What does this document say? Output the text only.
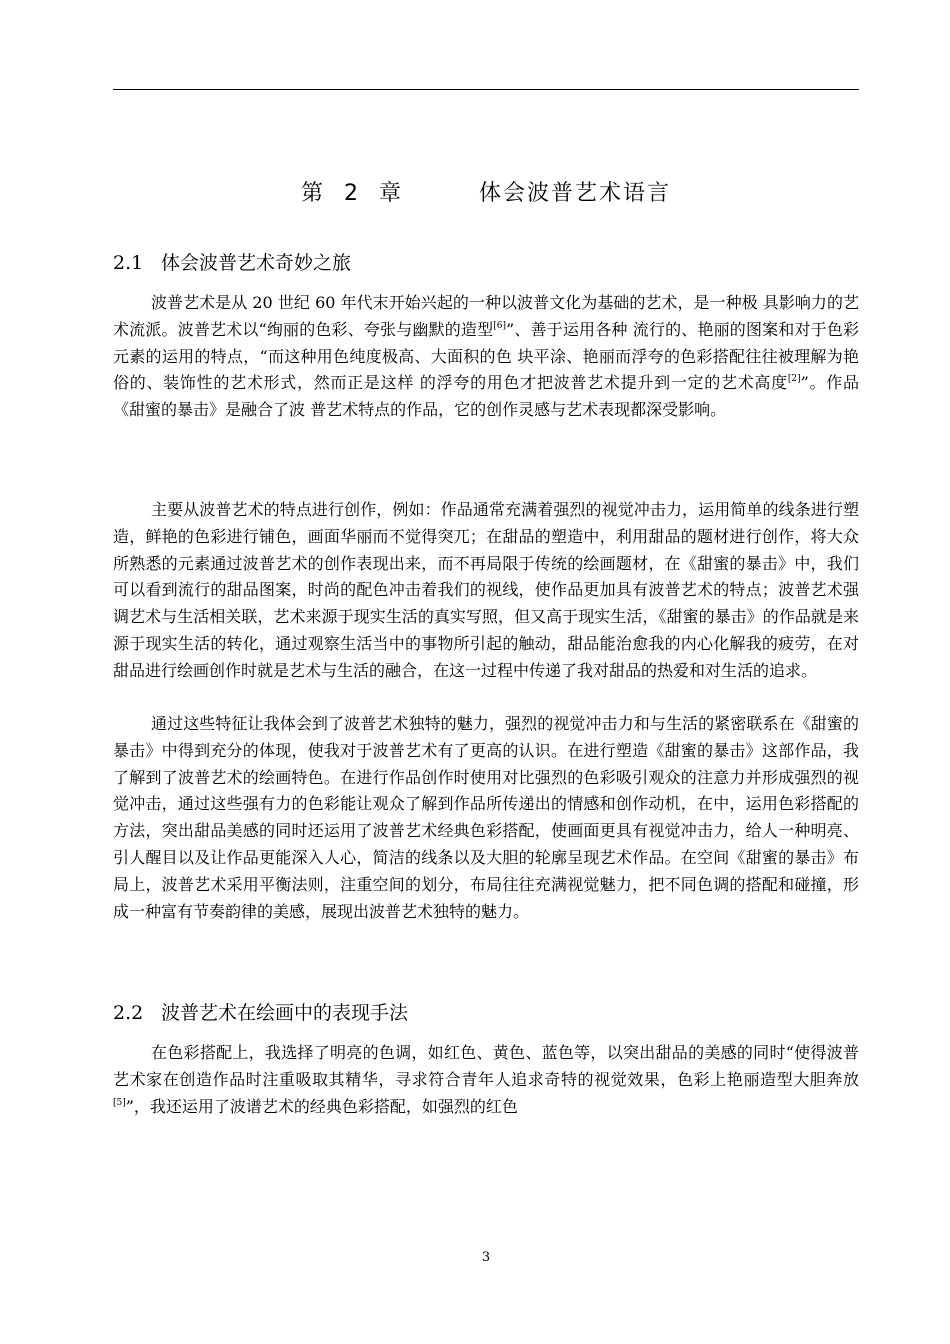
第 2 章    体会波普艺术语言
2.1 体会波普艺术奇妙之旅

波普艺术是从 20 世纪 60 年代末开始兴起的一种以波普文化为基础的艺术，是一种极 具影响力的艺术流派。波普艺术以“绚丽的色彩、夸张与幽默的造型[6]”、善于运用各种 流行的、艳丽的图案和对于色彩元素的运用的特点，“而这种用色纯度极高、大面积的色 块平涂、艳丽而浮夸的色彩搭配往往被理解为艳俗的、装饰性的艺术形式，然而正是这样 的浮夸的用色才把波普艺术提升到一定的艺术高度[2]”。作品《甜蜜的暴击》是融合了波 普艺术特点的作品，它的创作灵感与艺术表现都深受影响。

主要从波普艺术的特点进行创作，例如：作品通常充满着强烈的视觉冲击力，运用简单的线条进行塑造，鲜艳的色彩进行铺色，画面华丽而不觉得突兀；在甜品的塑造中，利用甜品的题材进行创作，将大众所熟悉的元素通过波普艺术的创作表现出来，而不再局限于传统的绘画题材，在《甜蜜的暴击》中，我们可以看到流行的甜品图案，时尚的配色冲击着我们的视线，使作品更加具有波普艺术的特点；波普艺术强调艺术与生活相关联，艺术来源于现实生活的真实写照，但又高于现实生活，《甜蜜的暴击》的作品就是来源于现实生活的转化，通过观察生活当中的事物所引起的触动，甜品能治愈我的内心化解我的疲劳，在对甜品进行绘画创作时就是艺术与生活的融合，在这一过程中传递了我对甜品的热爱和对生活的追求。

通过这些特征让我体会到了波普艺术独特的魅力，强烈的视觉冲击力和与生活的紧密联系在《甜蜜的暴击》中得到充分的体现，使我对于波普艺术有了更高的认识。在进行塑造《甜蜜的暴击》这部作品，我了解到了波普艺术的绘画特色。在进行作品创作时使用对比强烈的色彩吸引观众的注意力并形成强烈的视觉冲击，通过这些强有力的色彩能让观众了解到作品所传递出的情感和创作动机，在中，运用色彩搭配的方法，突出甜品美感的同时还运用了波普艺术经典色彩搭配，使画面更具有视觉冲击力，给人一种明亮、引人醒目以及让作品更能深入人心，简洁的线条以及大胆的轮廓呈现艺术作品。在空间《甜蜜的暴击》布局上，波普艺术采用平衡法则，注重空间的划分，布局往往充满视觉魅力，把不同色调的搭配和碰撞，形成一种富有节奏韵律的美感，展现出波普艺术独特的魅力。

2.2 波普艺术在绘画中的表现手法

在色彩搭配上，我选择了明亮的色调，如红色、黄色、蓝色等，以突出甜品的美感的同时“使得波普艺术家在创造作品时注重吸取其精华，寻求符合青年人追求奇特的视觉效果，色彩上艳丽造型大胆奔放[5]”，我还运用了波谱艺术的经典色彩搭配，如强烈的红色

3
